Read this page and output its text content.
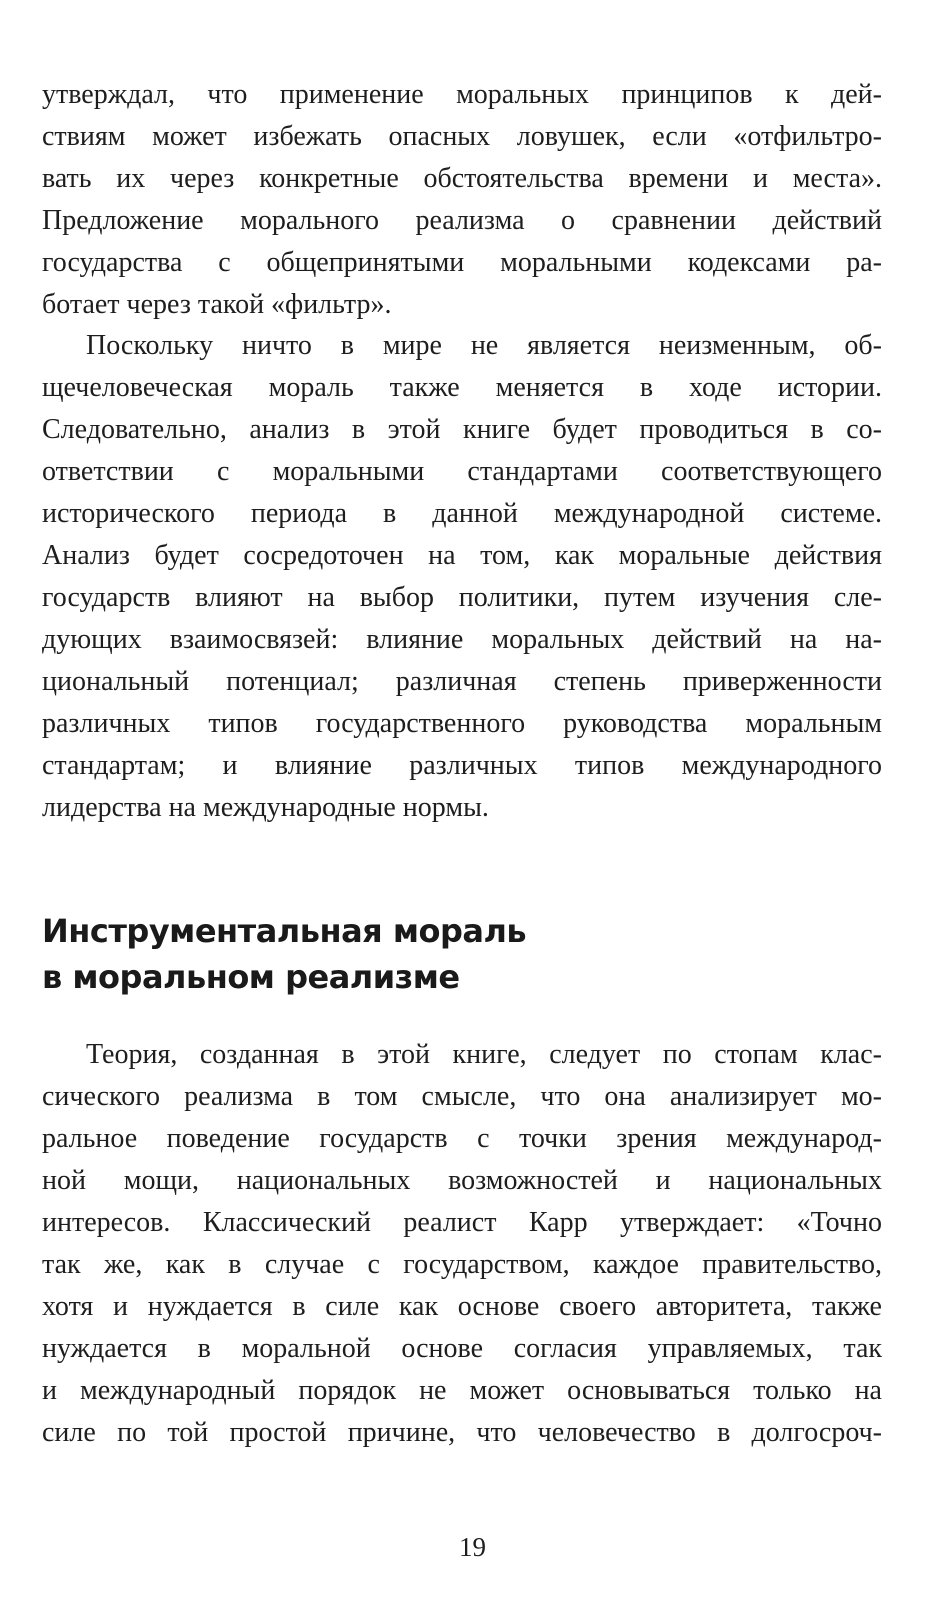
утверждал, что применение моральных принципов к дей-
ствиям может избежать опасных ловушек, если «отфильтро-
вать их через конкретные обстоятельства времени и места».
Предложение морального реализма о сравнении действий
государства с общепринятыми моральными кодексами ра-
ботает через такой «фильтр».

Поскольку ничто в мире не является неизменным, об-
щечеловеческая мораль также меняется в ходе истории.
Следовательно, анализ в этой книге будет проводиться в со-
ответствии с моральными стандартами соответствующего
исторического периода в данной международной системе.
Анализ будет сосредоточен на том, как моральные действия
государств влияют на выбор политики, путем изучения сле-
дующих взаимосвязей: влияние моральных действий на на-
циональный потенциал; различная степень приверженности
различных типов государственного руководства моральным
стандартам; и влияние различных типов международного
лидерства на международные нормы.

Инструментальная мораль
в моральном реализме

Теория, созданная в этой книге, следует по стопам клас-
сического реализма в том смысле, что она анализирует мо-
ральное поведение государств с точки зрения международ-
ной мощи, национальных возможностей и национальных
интересов. Классический реалист Карр утверждает: «Точно
так же, как в случае с государством, каждое правительство,
хотя и нуждается в силе как основе своего авторитета, также
нуждается в моральной основе согласия управляемых, так
и международный порядок не может основываться только на
силе по той простой причине, что человечество в долгосроч-

19
